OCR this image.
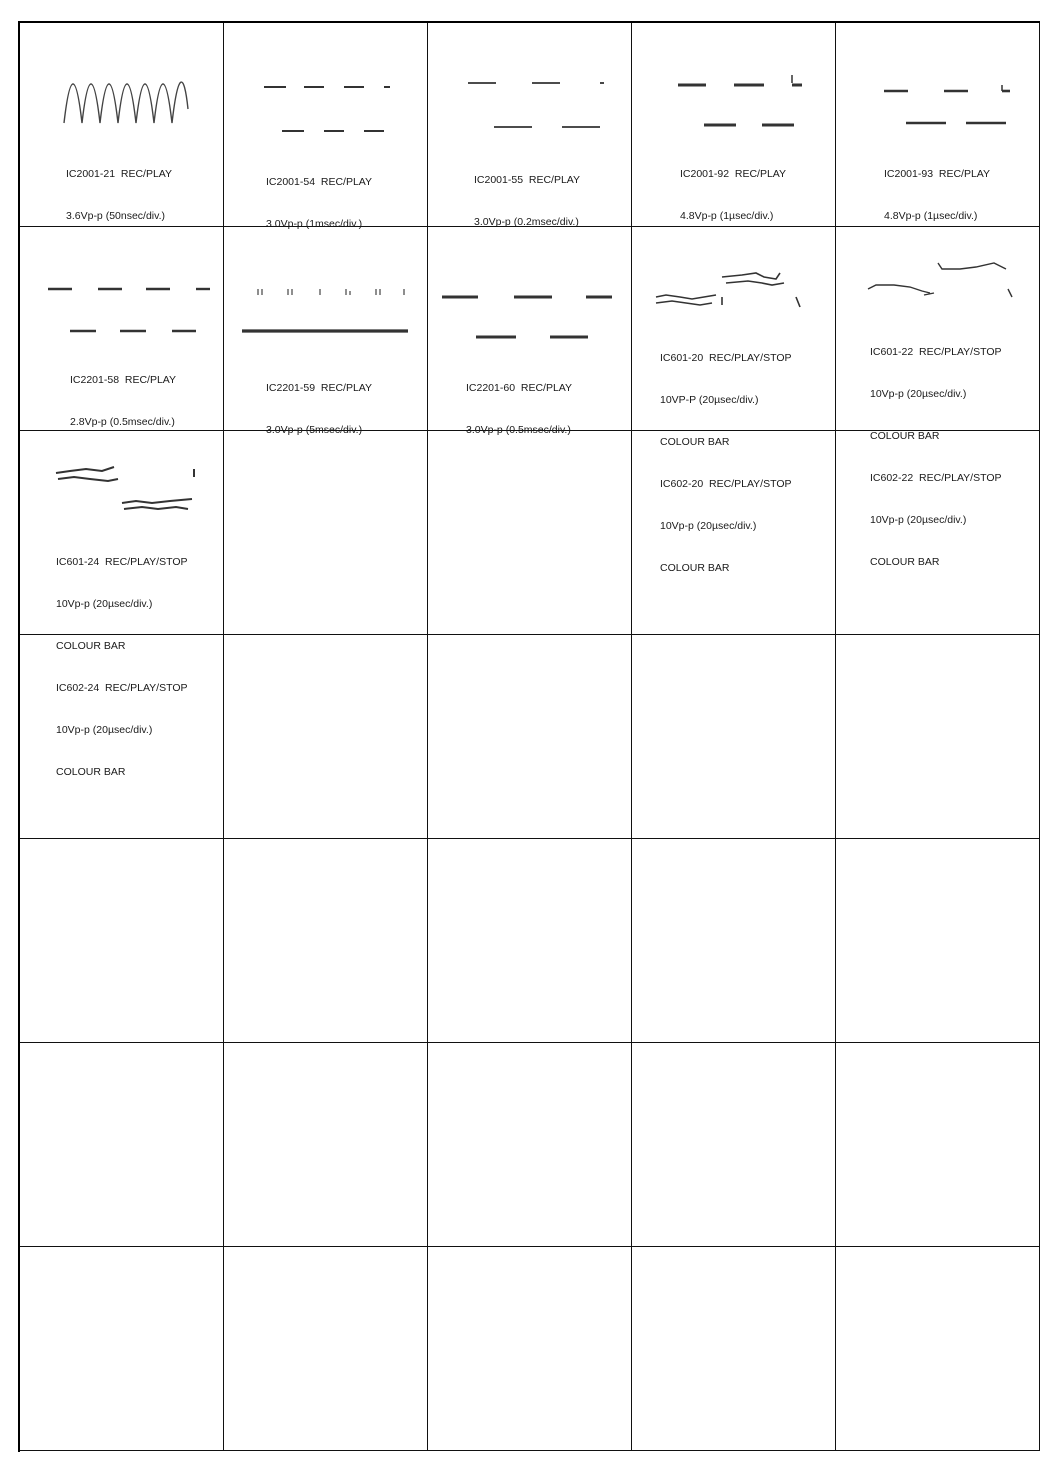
IC2001-21  REC/PLAY

3.6Vp-p (50nsec/div.)

IC2001-54  REC/PLAY

3.0Vp-p (1msec/div.)

IC2001-55  REC/PLAY

3.0Vp-p (0.2msec/div.)

IC2001-92  REC/PLAY

4.8Vp-p (1µsec/div.)

IC2001-93  REC/PLAY

4.8Vp-p (1µsec/div.)

IC2201-58  REC/PLAY

2.8Vp-p (0.5msec/div.)

IC2201-59  REC/PLAY

3.0Vp-p (5msec/div.)

IC2201-60  REC/PLAY

3.0Vp-p (0.5msec/div.)

IC601-20  REC/PLAY/STOP

10VP-P (20µsec/div.)

COLOUR BAR

IC602-20  REC/PLAY/STOP

10Vp-p (20µsec/div.)

COLOUR BAR

IC601-22  REC/PLAY/STOP

10Vp-p (20µsec/div.)

COLOUR BAR

IC602-22  REC/PLAY/STOP

10Vp-p (20µsec/div.)

COLOUR BAR

IC601-24  REC/PLAY/STOP

10Vp-p (20µsec/div.)

COLOUR BAR

IC602-24  REC/PLAY/STOP

10Vp-p (20µsec/div.)

COLOUR BAR
